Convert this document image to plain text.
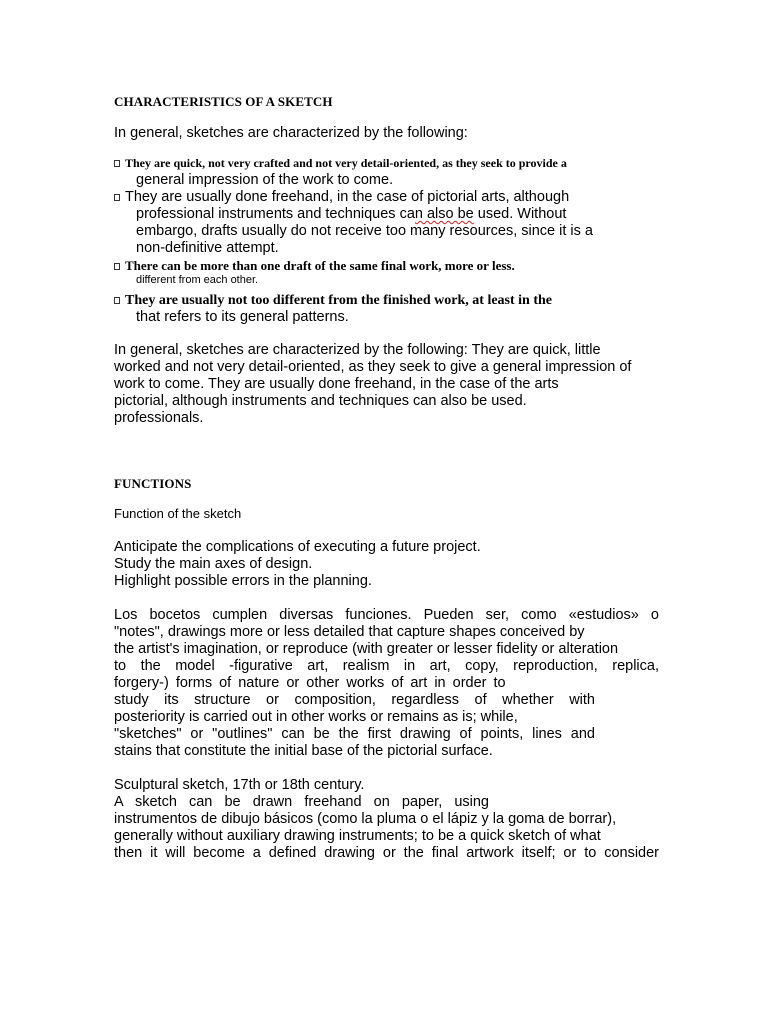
CHARACTERISTICS OF A SKETCH
In general, sketches are characterized by the following:
They are quick, not very crafted and not very detail-oriented, as they seek to provide a
general impression of the work to come.
They are usually done freehand, in the case of pictorial arts, although
professional instruments and techniques can also be used. Without
embargo, drafts usually do not receive too many resources, since it is a
non-definitive attempt.
There can be more than one draft of the same final work, more or less.
different from each other.
They are usually not too different from the finished work, at least in the
that refers to its general patterns.
In general, sketches are characterized by the following: They are quick, little
worked and not very detail-oriented, as they seek to give a general impression of
work to come. They are usually done freehand, in the case of the arts
pictorial, although instruments and techniques can also be used.
professionals.
FUNCTIONS
Function of the sketch
Anticipate the complications of executing a future project.
Study the main axes of design.
Highlight possible errors in the planning.
Los bocetos cumplen diversas funciones. Pueden ser, como «estudios» o
"notes", drawings more or less detailed that capture shapes conceived by
the artist's imagination, or reproduce (with greater or lesser fidelity or alteration
to the model -figurative art, realism in art, copy, reproduction, replica,
forgery-) forms of nature or other works of art in order to
study its structure or composition, regardless of whether with
posteriority is carried out in other works or remains as is; while,
"sketches" or "outlines" can be the first drawing of points, lines and
stains that constitute the initial base of the pictorial surface.
Sculptural sketch, 17th or 18th century.
A sketch can be drawn freehand on paper, using
instrumentos de dibujo básicos (como la pluma o el lápiz y la goma de borrar),
generally without auxiliary drawing instruments; to be a quick sketch of what
then it will become a defined drawing or the final artwork itself; or to consider
